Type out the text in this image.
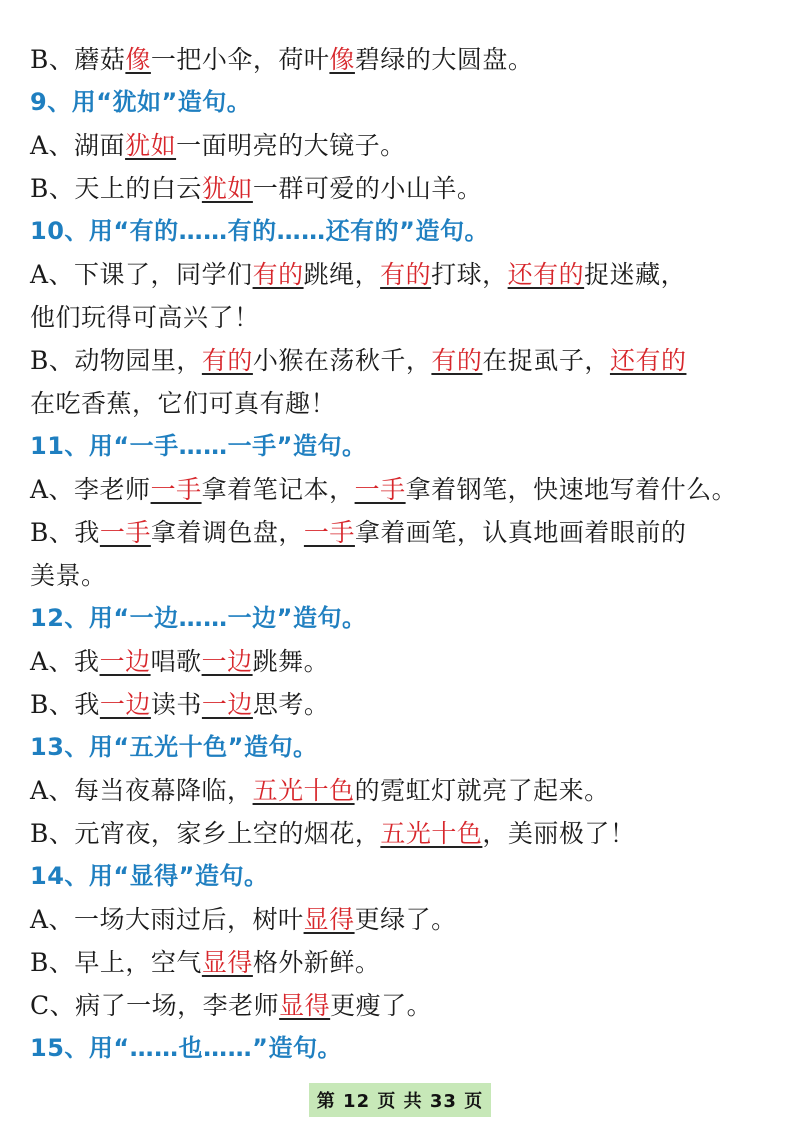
B、蘑菇像一把小伞，荷叶像碧绿的大圆盘。
9、用“犹如”造句。
A、湖面犹如一面明亮的大镜子。
B、天上的白云犹如一群可爱的小山羊。
10、用“有的……有的……还有的”造句。
A、下课了，同学们有的跳绳，有的打球，还有的捉迷藏，
他们玩得可高兴了！
B、动物园里，有的小猴在荡秋千，有的在捉虱子，还有的
在吃香蕉，它们可真有趣！
11、用“一手……一手”造句。
A、李老师一手拿着笔记本，一手拿着钢笔，快速地写着什么。
B、我一手拿着调色盘，一手拿着画笔，认真地画着眼前的
美景。
12、用“一边……一边”造句。
A、我一边唱歌一边跳舞。
B、我一边读书一边思考。
13、用“五光十色”造句。
A、每当夜幕降临，五光十色的霓虹灯就亮了起来。
B、元宵夜，家乡上空的烟花，五光十色，美丽极了！
14、用“显得”造句。
A、一场大雨过后，树叶显得更绿了。
B、早上，空气显得格外新鲜。
C、病了一场，李老师显得更瘦了。
15、用“……也……”造句。
第 12 页 共 33 页
